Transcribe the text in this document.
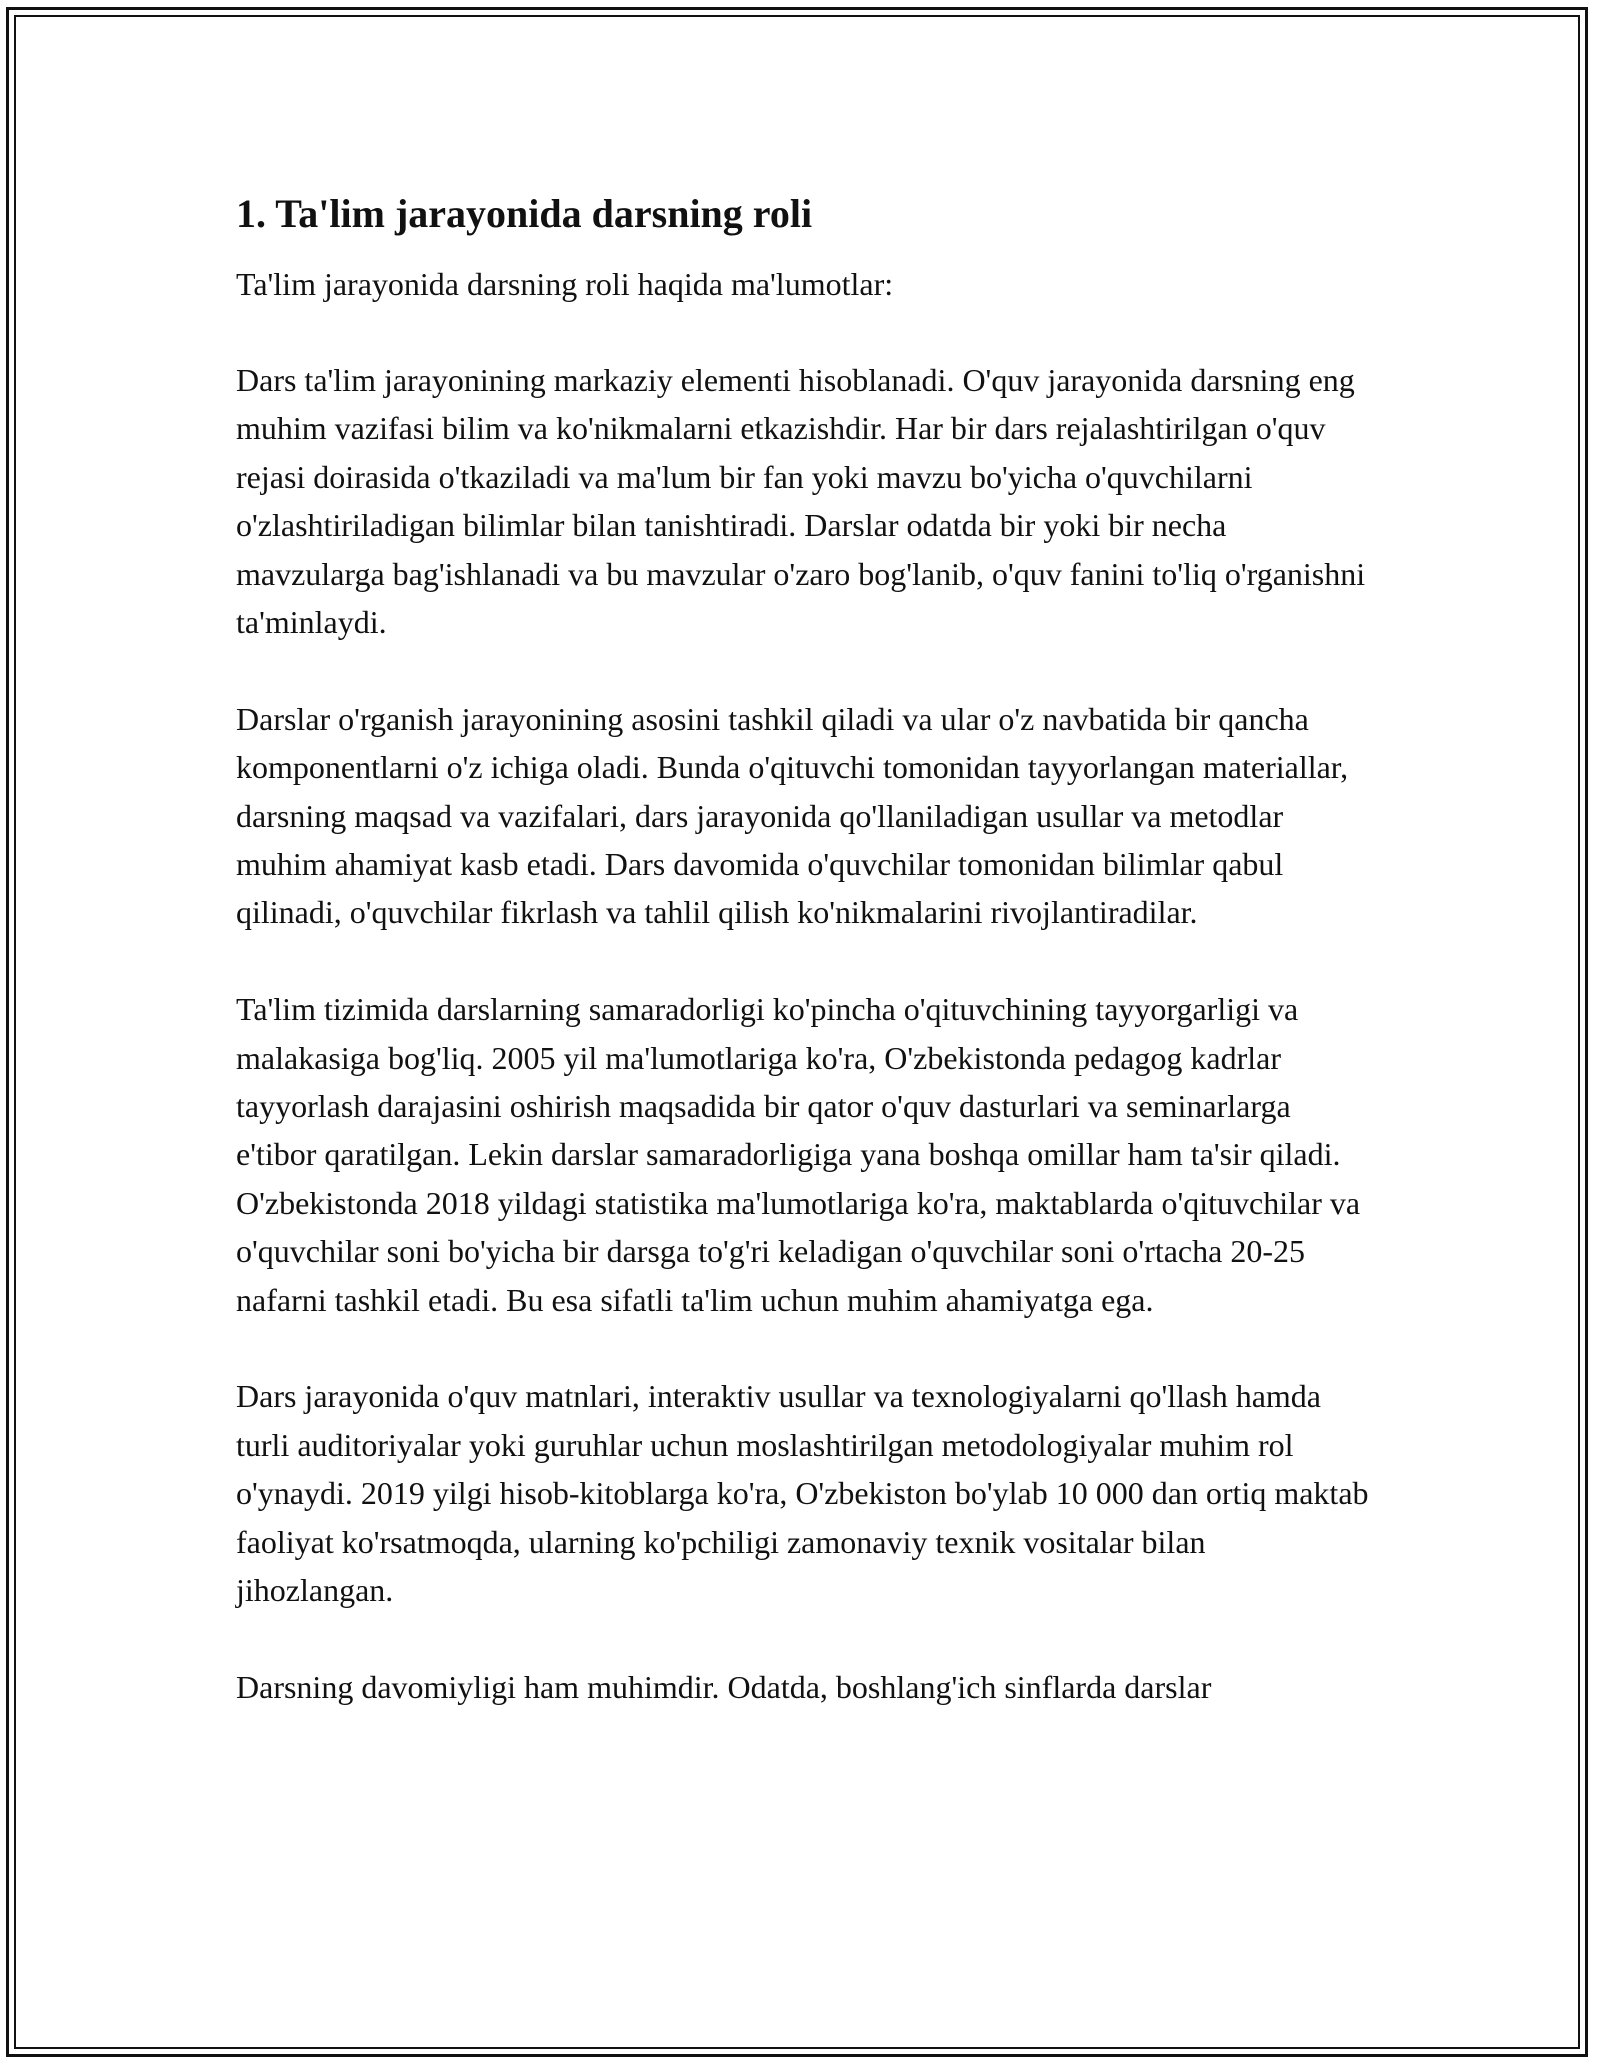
1. Ta'lim jarayonida darsning roli

Ta'lim jarayonida darsning roli haqida ma'lumotlar:

Dars ta'lim jarayonining markaziy elementi hisoblanadi. O'quv jarayonida darsning eng muhim vazifasi bilim va ko'nikmalarni etkazishdir. Har bir dars rejalashtirilgan o'quv rejasi doirasida o'tkaziladi va ma'lum bir fan yoki mavzu bo'yicha o'quvchilarni o'zlashtiriladigan bilimlar bilan tanishtiradi. Darslar odatda bir yoki bir necha mavzularga bag'ishlanadi va bu mavzular o'zaro bog'lanib, o'quv fanini to'liq o'rganishni ta'minlaydi.

Darslar o'rganish jarayonining asosini tashkil qiladi va ular o'z navbatida bir qancha komponentlarni o'z ichiga oladi. Bunda o'qituvchi tomonidan tayyorlangan materiallar, darsning maqsad va vazifalari, dars jarayonida qo'llaniladigan usullar va metodlar muhim ahamiyat kasb etadi. Dars davomida o'quvchilar tomonidan bilimlar qabul qilinadi, o'quvchilar fikrlash va tahlil qilish ko'nikmalarini rivojlantiradilar.

Ta'lim tizimida darslarning samaradorligi ko'pincha o'qituvchining tayyorgarligi va malakasiga bog'liq. 2005 yil ma'lumotlariga ko'ra, O'zbekistonda pedagog kadrlar tayyorlash darajasini oshirish maqsadida bir qator o'quv dasturlari va seminarlarga e'tibor qaratilgan. Lekin darslar samaradorligiga yana boshqa omillar ham ta'sir qiladi. O'zbekistonda 2018 yildagi statistika ma'lumotlariga ko'ra, maktablarda o'qituvchilar va o'quvchilar soni bo'yicha bir darsga to'g'ri keladigan o'quvchilar soni o'rtacha 20-25 nafarni tashkil etadi. Bu esa sifatli ta'lim uchun muhim ahamiyatga ega.

Dars jarayonida o'quv matnlari, interaktiv usullar va texnologiyalarni qo'llash hamda turli auditoriyalar yoki guruhlar uchun moslashtirilgan metodologiyalar muhim rol o'ynaydi. 2019 yilgi hisob-kitoblarga ko'ra, O'zbekiston bo'ylab 10 000 dan ortiq maktab faoliyat ko'rsatmoqda, ularning ko'pchiligi zamonaviy texnik vositalar bilan jihozlangan.

Darsning davomiyligi ham muhimdir. Odatda, boshlang'ich sinflarda darslar
